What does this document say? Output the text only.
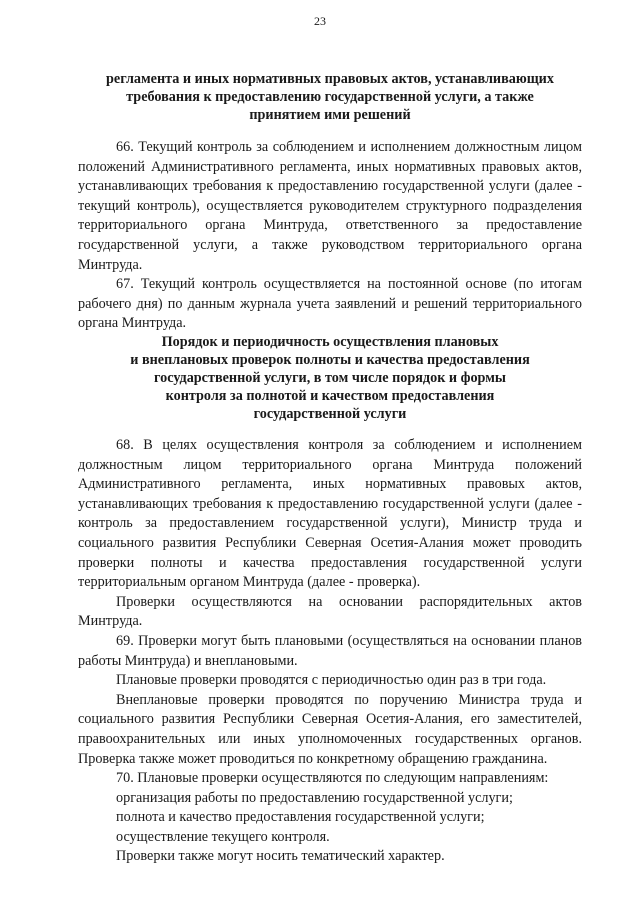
23
регламента и иных нормативных правовых актов, устанавливающих
требования к предоставлению государственной услуги, а также
принятием ими решений

66. Текущий контроль за соблюдением и исполнением должностным лицом положений Административного регламента, иных нормативных правовых актов, устанавливающих требования к предоставлению государственной услуги (далее - текущий контроль), осуществляется руководителем структурного подразделения территориального органа Минтруда, ответственного за предоставление государственной услуги, а также руководством территориального органа Минтруда.

67. Текущий контроль осуществляется на постоянной основе (по итогам рабочего дня) по данным журнала учета заявлений и решений территориального органа Минтруда.

Порядок и периодичность осуществления плановых
и внеплановых проверок полноты и качества предоставления
государственной услуги, в том числе порядок и формы
контроля за полнотой и качеством предоставления
государственной услуги

68. В целях осуществления контроля за соблюдением и исполнением должностным лицом территориального органа Минтруда положений Административного регламента, иных нормативных правовых актов, устанавливающих требования к предоставлению государственной услуги (далее - контроль за предоставлением государственной услуги), Министр труда и социального развития Республики Северная Осетия-Алания может проводить проверки полноты и качества предоставления государственной услуги территориальным органом Минтруда (далее - проверка).

Проверки осуществляются на основании распорядительных актов Минтруда.

69. Проверки могут быть плановыми (осуществляться на основании планов работы Минтруда) и внеплановыми.

Плановые проверки проводятся с периодичностью один раз в три года.

Внеплановые проверки проводятся по поручению Министра труда и социального развития Республики Северная Осетия-Алания, его заместителей, правоохранительных или иных уполномоченных государственных органов. Проверка также может проводиться по конкретному обращению гражданина.

70. Плановые проверки осуществляются по следующим направлениям:

организация работы по предоставлению государственной услуги;

полнота и качество предоставления государственной услуги;

осуществление текущего контроля.

Проверки также могут носить тематический характер.
